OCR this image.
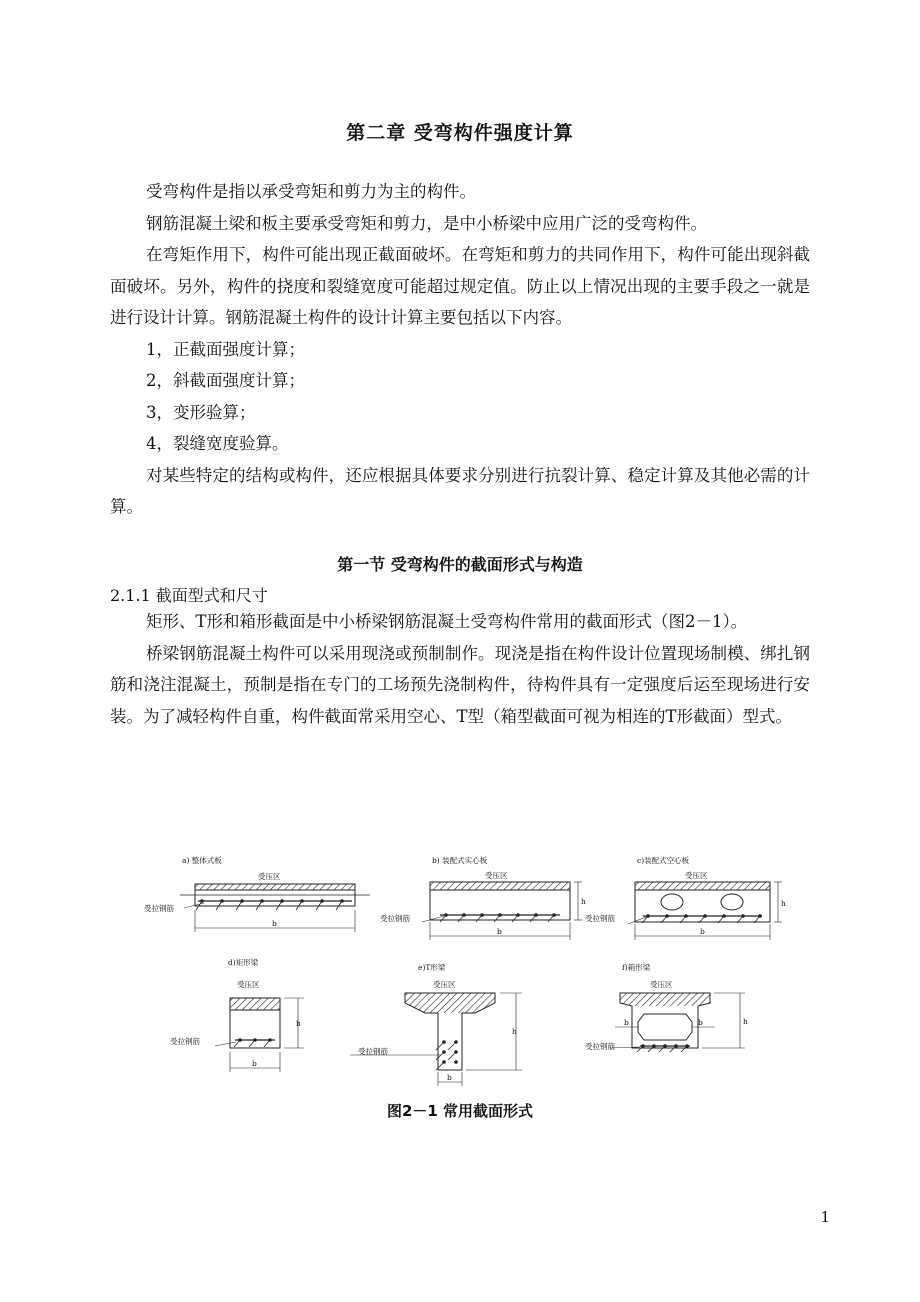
第二章 受弯构件强度计算

受弯构件是指以承受弯矩和剪力为主的构件。

钢筋混凝土梁和板主要承受弯矩和剪力，是中小桥梁中应用广泛的受弯构件。

在弯矩作用下，构件可能出现正截面破坏。在弯矩和剪力的共同作用下，构件可能出现斜截面破坏。另外，构件的挠度和裂缝宽度可能超过规定值。防止以上情况出现的主要手段之一就是进行设计计算。钢筋混凝土构件的设计计算主要包括以下内容。

1，正截面强度计算；

2，斜截面强度计算；

3，变形验算；

4，裂缝宽度验算。

对某些特定的结构或构件，还应根据具体要求分别进行抗裂计算、稳定计算及其他必需的计算。

第一节 受弯构件的截面形式与构造
2.1.1 截面型式和尺寸

矩形、T形和箱形截面是中小桥梁钢筋混凝土受弯构件常用的截面形式（图2－1）。

桥梁钢筋混凝土构件可以采用现浇或预制制作。现浇是指在构件设计位置现场制模、绑扎钢筋和浇注混凝土，预制是指在专门的工场预先浇制构件，待构件具有一定强度后运至现场进行安装。为了减轻构件自重，构件截面常采用空心、T型（箱型截面可视为相连的T形截面）型式。

a) 整体式板	b) 装配式实心板	c)装配式空心板
d)矩形梁
e)T形梁	f)箱形梁
受压区	受压区	受压区
受压区	受压区	受压区
受拉钢筋
受拉钢筋	受拉钢筋
受拉钢筋
受拉钢筋
受拉钢筋
b
b	b
b
b
b	b
h	h
h
h
h
图2－1 常用截面形式
1
